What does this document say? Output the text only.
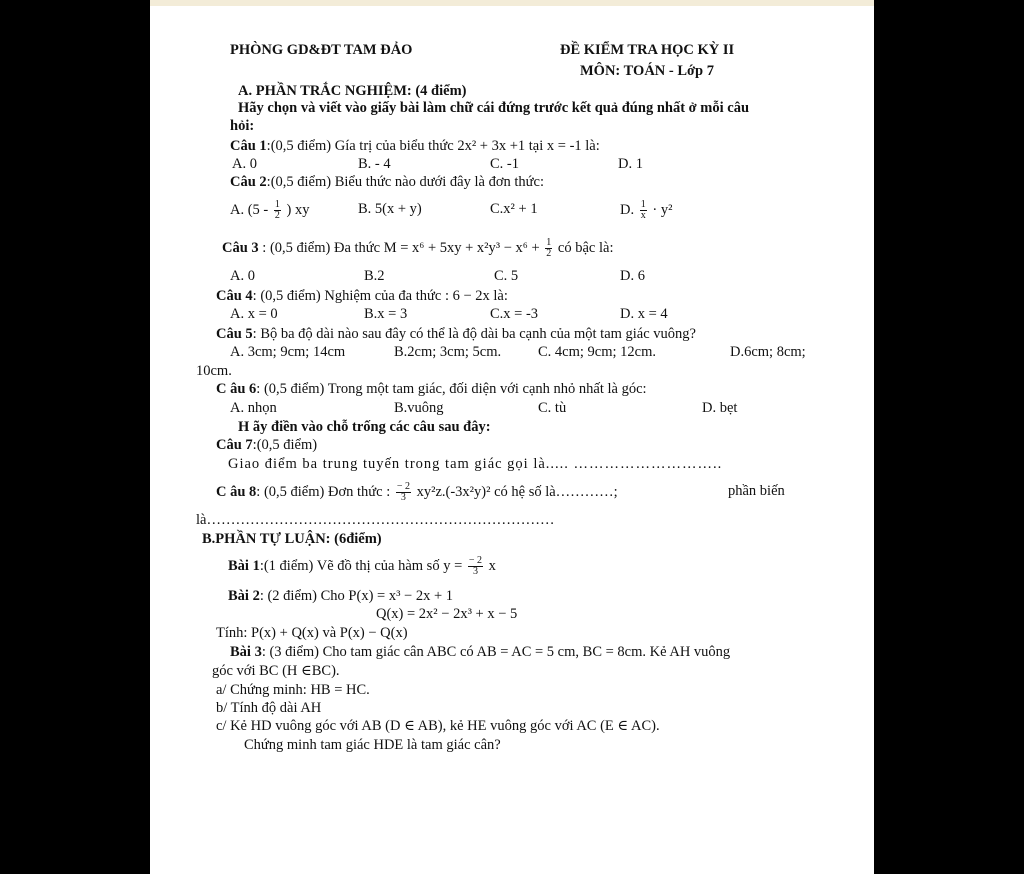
PHÒNG GD&ĐT TAM ĐẢO	ĐỀ KIỂM TRA HỌC KỲ II
MÔN: TOÁN - Lớp 7
A. PHẦN TRẮC NGHIỆM: (4 điểm)
Hãy chọn và viết vào giấy bài làm chữ cái đứng trước kết quả đúng nhất ở mỗi câu
hỏi:
Câu 1:(0,5 điểm) Gía trị của biểu thức 2x² + 3x +1 tại x = -1 là:
A. 0	B. - 4	C. -1	D. 1
Câu 2:(0,5 điểm) Biểu thức nào dưới đây là đơn thức:
A. ($5 - \frac{1}{2}$ ) xy	B. 5(x + y)	C.x² + 1	D. $\frac{1}{x} \cdot y^2$
Câu 3 : (0,5 điểm) Đa thức $M = x^6 + 5xy + x^2y^3 - x^6 + \frac{1}{2}$ có bậc là:
A. 0	B.2	C. 5	D. 6
Câu 4: (0,5 điểm) Nghiệm của đa thức : 6 − 2x là:
A. x = 0	B.x = 3	C.x = -3	D. x = 4
Câu 5: Bộ ba độ dài nào sau đây có thể là độ dài ba cạnh của một tam giác vuông?
A. 3cm; 9cm; 14cm	B.2cm; 3cm; 5cm.	C. 4cm; 9cm; 12cm.	D.6cm; 8cm;
10cm.
C âu 6: (0,5 điểm) Trong một tam giác, đối diện với cạnh nhỏ nhất là góc:
A. nhọn	B.vuông	C. tù	D. bẹt
H ãy điền vào chỗ trống các câu sau đây:
Câu 7:(0,5 điểm)
Giao điểm ba trung tuyến trong tam giác gọi là..... ………………………..
C âu 8: (0,5 điểm) Đơn thức : $\frac{- 2}{3} xy^2z.(-3x^2y)^2$ có hệ số là…………;	phần biến
là………………………………………………………………
B.PHẦN TỰ LUẬN: (6điểm)
Bài 1:(1 điểm) Vẽ đồ thị của hàm số $y = \frac{- 2}{3}$ x
Bài 2: (2 điểm) Cho P(x) = x³ − 2x + 1
Q(x) = 2x² − 2x³ + x − 5
Tính: P(x) + Q(x) và P(x) − Q(x)
Bài 3: (3 điểm) Cho tam giác cân ABC có AB = AC = 5 cm, BC = 8cm. Kẻ AH vuông
góc với BC (H ∈BC).
a/ Chứng minh: HB = HC.
b/ Tính độ dài AH
c/ Kẻ HD vuông góc với AB (D ∈ AB), kẻ HE vuông góc với AC (E ∈ AC).
Chứng minh tam giác HDE là tam giác cân?
